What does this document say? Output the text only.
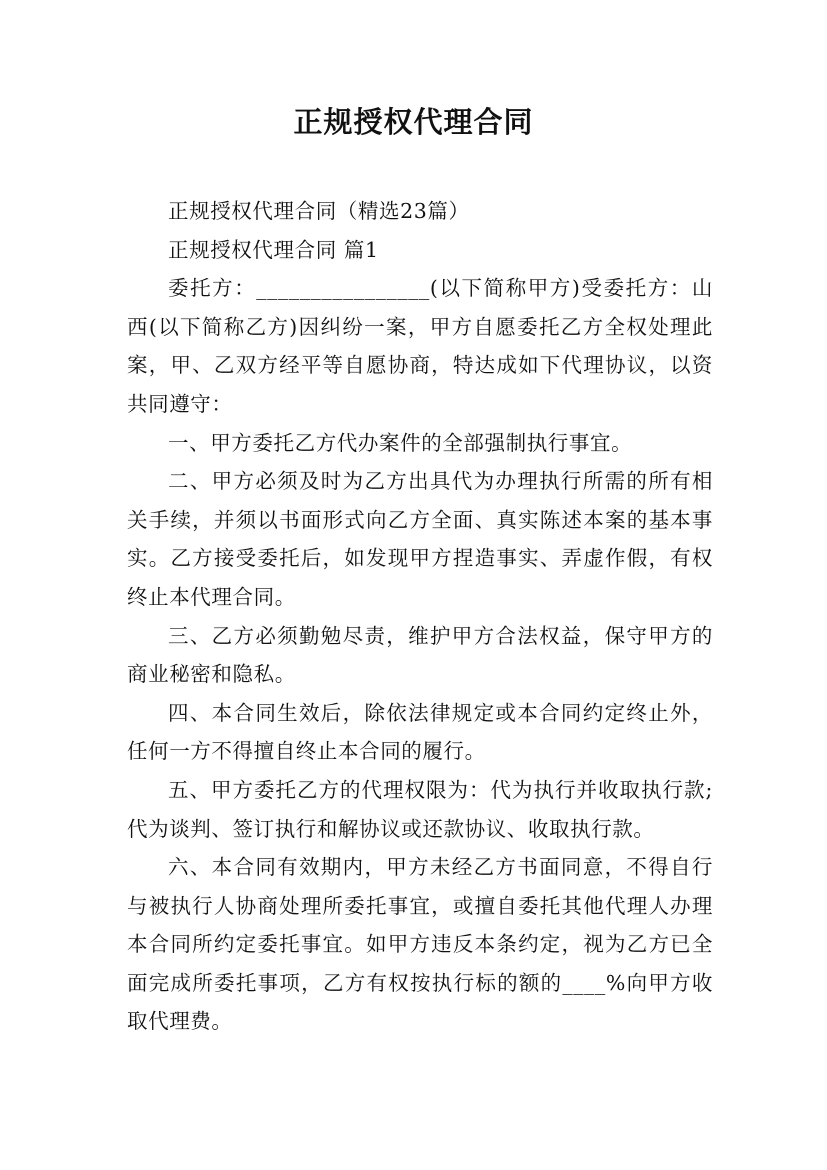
正规授权代理合同

正规授权代理合同（精选23篇）

正规授权代理合同 篇1

委托方：________________(以下简称甲方)受委托方：山西(以下简称乙方)因纠纷一案，甲方自愿委托乙方全权处理此案，甲、乙双方经平等自愿协商，特达成如下代理协议，以资共同遵守：

一、甲方委托乙方代办案件的全部强制执行事宜。

二、甲方必须及时为乙方出具代为办理执行所需的所有相关手续，并须以书面形式向乙方全面、真实陈述本案的基本事实。乙方接受委托后，如发现甲方捏造事实、弄虚作假，有权终止本代理合同。

三、乙方必须勤勉尽责，维护甲方合法权益，保守甲方的商业秘密和隐私。

四、本合同生效后，除依法律规定或本合同约定终止外，任何一方不得擅自终止本合同的履行。

五、甲方委托乙方的代理权限为：代为执行并收取执行款;代为谈判、签订执行和解协议或还款协议、收取执行款。

六、本合同有效期内，甲方未经乙方书面同意，不得自行与被执行人协商处理所委托事宜，或擅自委托其他代理人办理本合同所约定委托事宜。如甲方违反本条约定，视为乙方已全面完成所委托事项，乙方有权按执行标的额的____%向甲方收取代理费。
